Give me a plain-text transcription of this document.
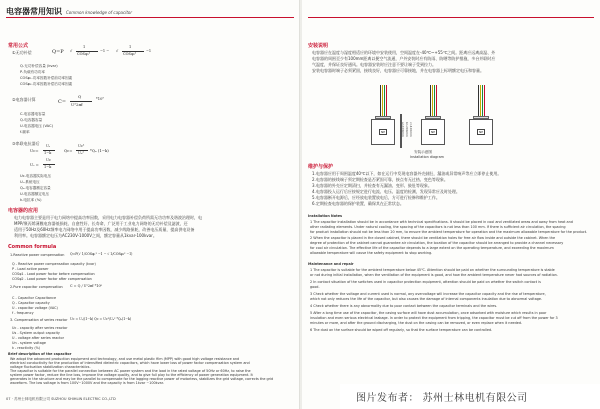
电容器常用知识 Common knowledge of capacitor
常用公式
①无功补偿	Q=P √
1
COSφ₁²
−1 − √
1
COSφ₂²
−1
Q-无功补偿容量 (kvar)
P-负载有功功率
COSφ₁-功率因数补偿前功率因素
COSφ₂-功率因数补偿后功率因素
②电容器计算	C=
Q
U²2πf
*10⁹
C-电容器电容量
Q-电容器容量
U-电容器电压 (VAC)
f-频率
③串联电抗器后
Uc=
Uₛ
1−k	Qc=
Uc²
Uₙ² *Qₙ (1−k)
Uₛ =
Uc
1−k
Uc-电容器实际电压
Uₛ-系统电压
Qₙ-电容器额定容量
U-电容器额定电压
k-电抗率 (%)
电容器的应用
电力电容器主要是用于电力网络中提高功率因数，采用电力电容器补偿负荷所需无功功率及谐波治理时，电
MPP/聚丙烯薄膜电容器低损耗、自愈性好、长寿命，广泛用于工业电力网络的无功补偿及滤波，还
适用于50Hz及60Hz频率电力网络中用于提高功率因数，减少线路损耗，改善电压质量，提高供电设备
利用率。电容器额定电压为AC230V-1000V之间，额定容量从1kvar-100kvar。
Common formula
1.Reactive power compensation Q=P(√ 1/COSφ₁² −1 − √ 1/COSφ₂² −1)
Q - Reactive power compensation capacity (kvar)
P - Load active power
COSφ1 - Load power factor before compensation
COSφ2 - Load power factor after compensation
2.Pure capacitor compensation C = Q / U²2πf *10⁹
C - Capacitor Capacitance
Q - Capacitor capacity
U - capacitor voltage (VAC)
f - frequency
3. Compensation of series reactor Uc = Uₛ/(1−k) Qc = Uc²/Uₙ² *Qₙ(1−k)
Uc - capacity after series reactor
Us - System output capacity
U - voltage after series reactor
Un - system voltage
k - reactivity (%)
Brief description of the capacitor
We adopt the advanced production equipment and technology, and use metal plastic film (MPP) with good high voltage resistance and
electrical conductivity for the production of intensified dielectric capacitors, which have lower loss of power factor compensation system and
voltage fluctuation stabilization characteristics.
The capacitor is suitable for the parallel connection between AC power system and the load in the rated voltage of 50Hz or 60Hz, to raise the
system power factor, reduce the line loss, improve the voltage quality, and to give full play to the efficiency of power generation equipment. It
generates in the structure and may be the parallel to compensate for the lagging reactive power of motorless, stabilizes the grid voltage, corrects the grid
waveform. The low voltage is from 100V~1000V and the capacity is from 1kvar ~100kvar.
07 · 苏州士林电机有限公司 SUZHOU SHIHLIN ELECTRIC CO.,LTD
安装说明
电容器应在温度与湿度相适应的环境中安装使用，空间温度在-40℃~+55℃之间。距离应远离高温、外
电容器的周围至少有100mm距离以便空气流通，户外安装时应有防雨、防晒等防护措施，多台并联时应
气温度，并保证良好通风。电容器安装时应注意不要让端子受到拉力。
安装电容器时端子必须紧固，接线良好，电容器应可靠接地，并在电容器上标明额定电压和容量。
NP	NP	NP
a>100mm b>200mm c>100mm
安装示意图
Installation diagram
维护与保护
1.电容器应用于周围温度40℃以下，如在运行中发现电容器外壳鼓肚，漏油或异常响声等应立即停止使用。
2.电容器的接线端子须定期检查是否紧固可靠，接点有无过热、变色等现象。
3.电容器的外壳应定期清扫，并检查有无漏油、变形、鼓肚等现象。
4.电容器投入运行后应按规定进行电流、电压、温度的检测，发现异常应及时处理。
5.电容器断开电源后，应经放电装置放电后，方可进行检修和维护工作。
6.定期检查电容器的保护装置，确保其在正常状态。
Installation Notes
1 The capacitor installation should be in accordance with technical specifications. It should be placed in cool and ventilated areas and away from heat and
other radiating elements. Under natural cooling, the spacing of the capacitors is not less than 100 mm. If there is sufficient air circulation, the spacing
for product installation should not be less than 20 mm, to ensure the ambient temperature for operation and the maximum allowable temperature for the product.
2 When the capacitor is placed in the closed cabinet, there should be ventilation holes for free air flow inside and outside the cabinet. When the
degree of protection of the cabinet cannot guarantee air circulation, the location of the capacitor should be arranged to provide a channel necessary
for cool air circulation. The effective life of the capacitor depends to a large extent on the operating temperature, and exceeding the maximum
allowable temperature will cause the safety equipment to stop working.
Maintenance and repair
1 The capacitor is suitable for the ambient temperature below 45℃. Attention should be paid on whether the surrounding temperature is stable
or not during initial installation, when the ventilation of the equipment is good, and how the ambient temperature never had sources of radiation.
2 In contact situation of the switches used in capacitor protection equipment, attention should be paid on whether the switch contact is
good.
3 Check whether the voltage and current used is normal, any overvoltage will increase the capacitor capacity and the rise of temperature,
which not only reduces the life of the capacitor, but also causes the damage of internal components insulation due to abnormal voltage.
4 Check whether there is any abnormality due to poor contact between the capacitor terminals and the wires.
5 After a long time use of the capacitor, the casing surface will have dust accumulation, once adsorbed with moisture which results in poor
insulation and even serious electrical leakage. In order to protect the equipment from tripping, the capacitor must be cut off from the power for 3
minutes or more, and after the ground discharging, the dust on the casing can be removed, or even replace when it needed.
6 The dust on the surface should be wiped off regularly, so that the surface temperature can be controlled.
图片发布者： 苏州士林电机有限公司
